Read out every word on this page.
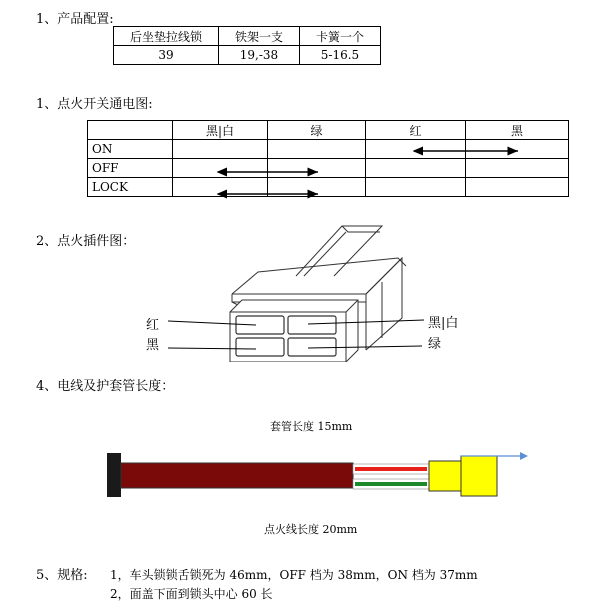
1、产品配置:
后坐垫拉线锁	铁架一支	卡簧一个
39	19,-38	5-16.5
1、点火开关通电图:
	黑|白	绿	红	黑
ON				
OFF				
LOCK				
2、点火插件图：
红
黑
黑|白
绿
4、电线及护套管长度：
套管长度 15mm
点火线长度 20mm
5、规格: 1，车头锁锁舌锁死为 46mm，OFF 档为 38mm，ON 档为 37mm
2，面盖下面到锁头中心 60 长
